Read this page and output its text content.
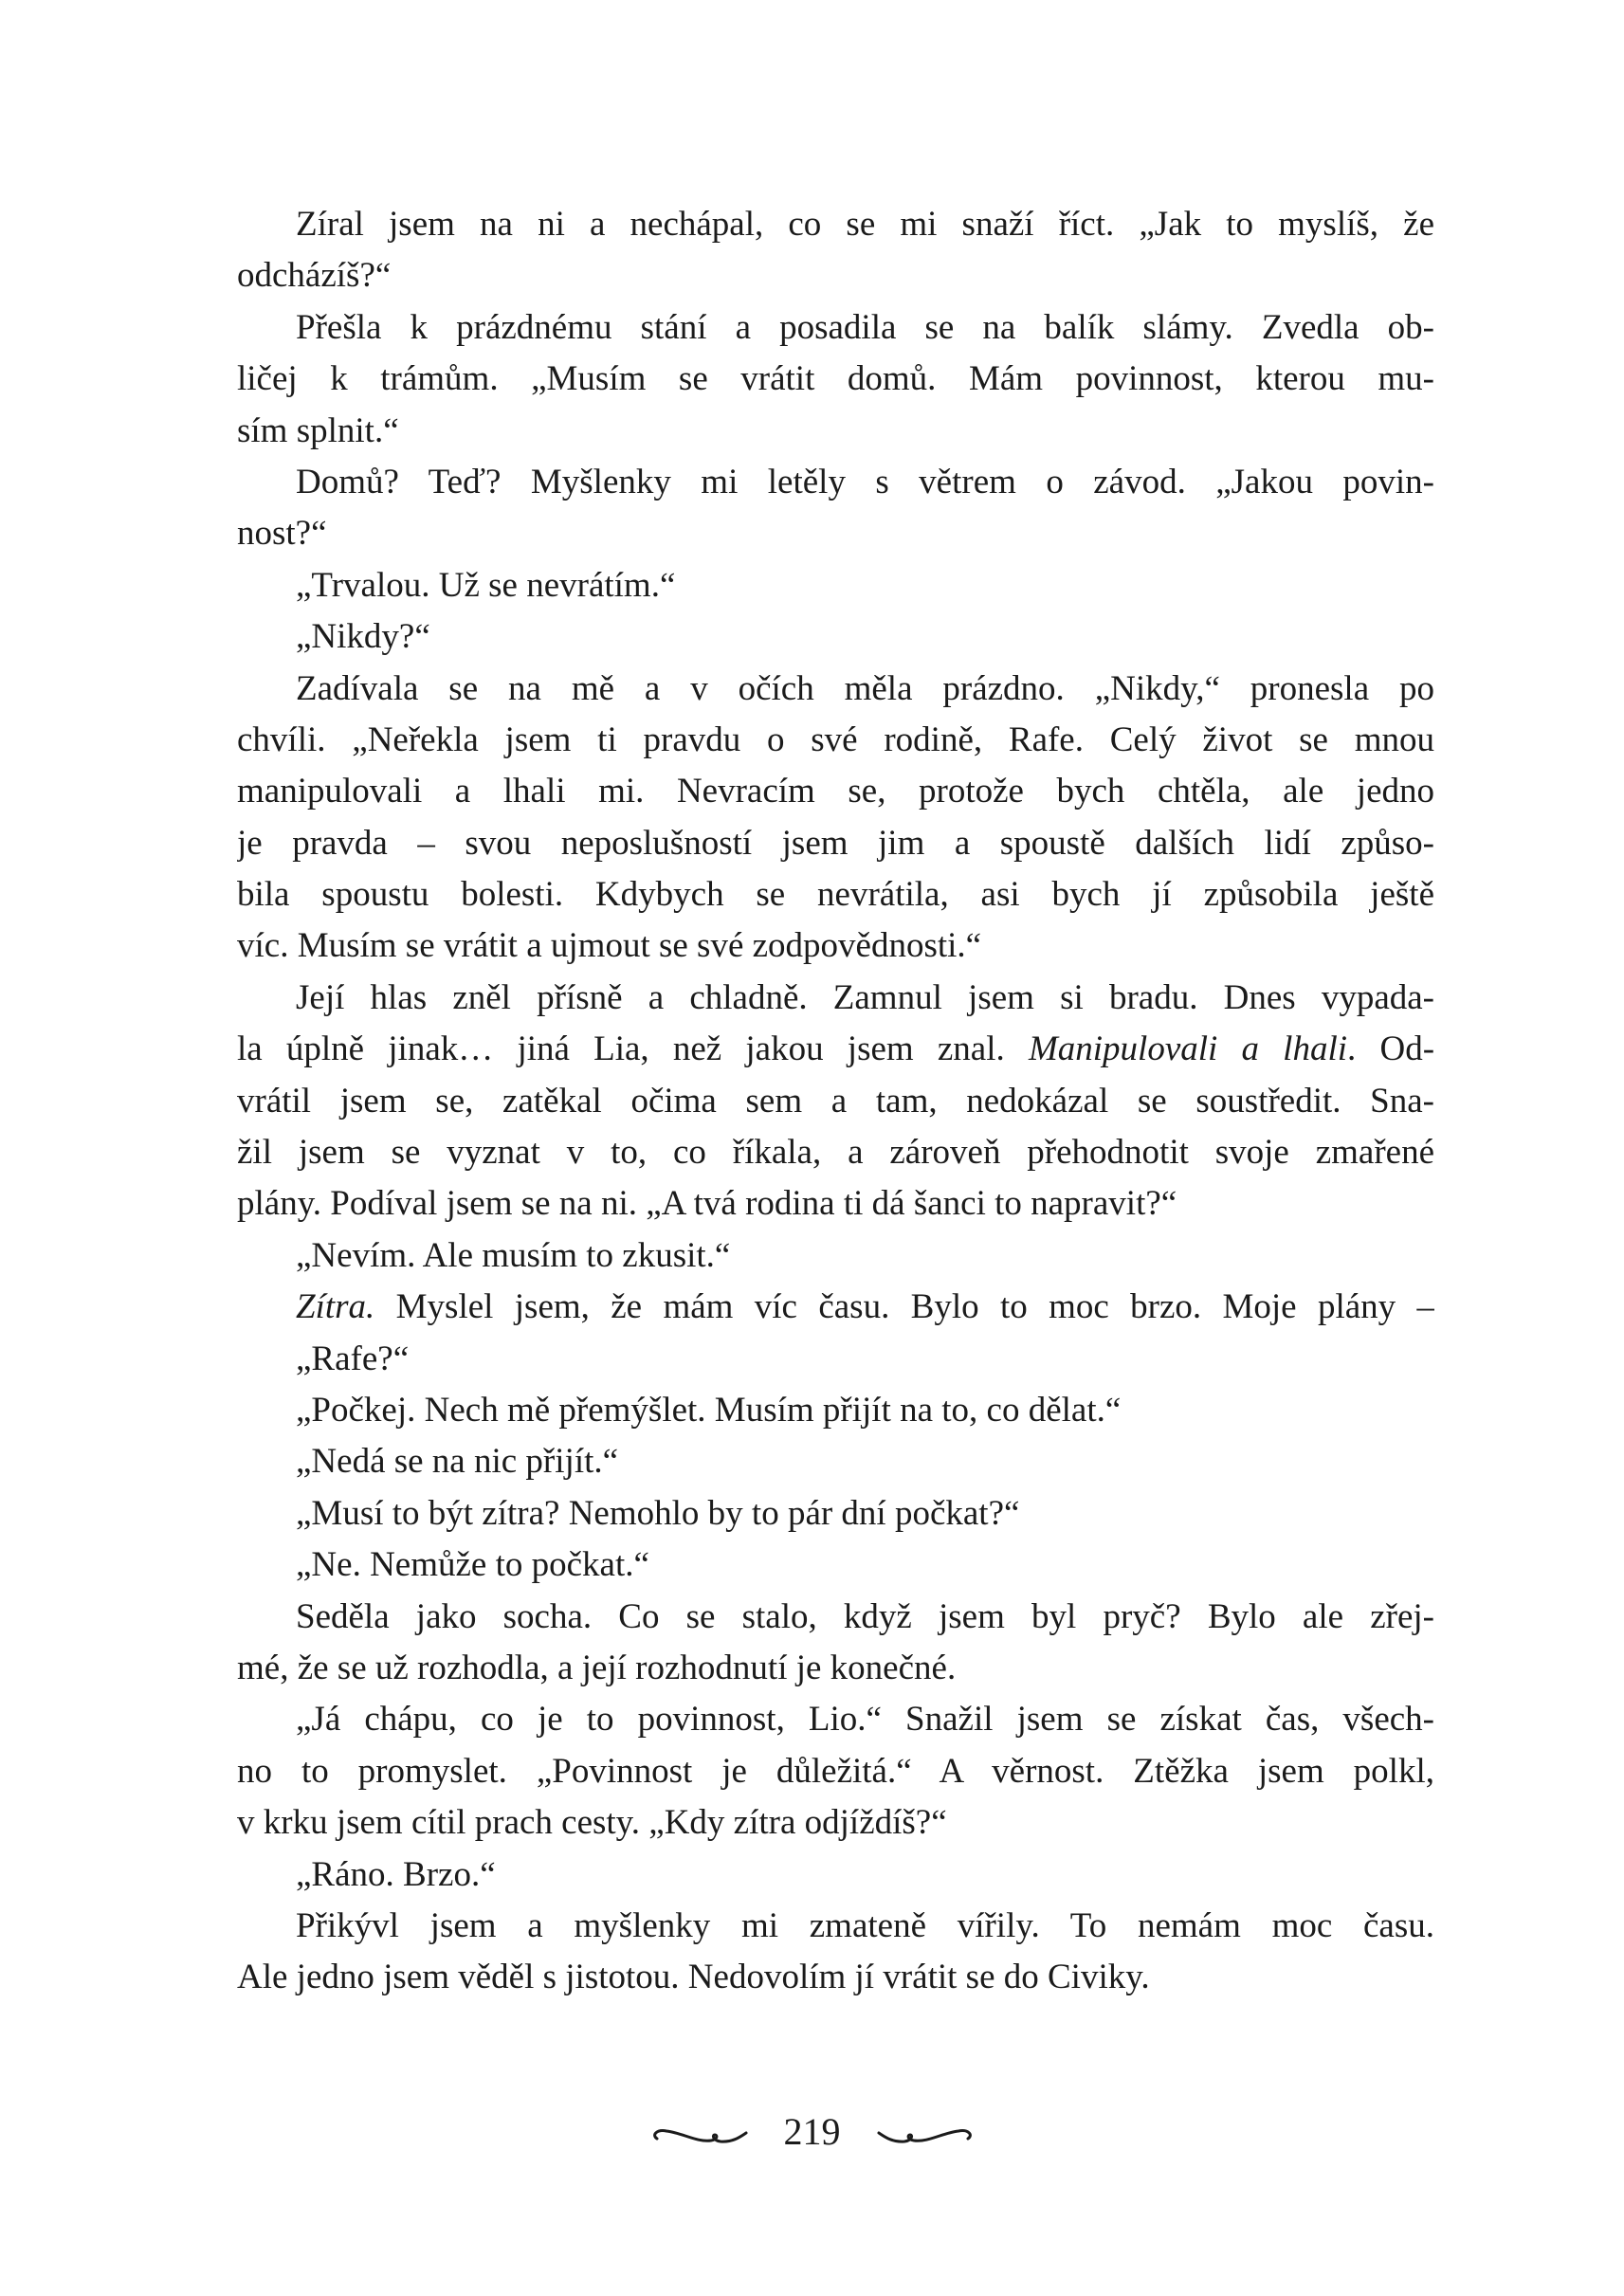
Zíral jsem na ni a nechápal, co se mi snaží říct. „Jak to myslíš, že
odcházíš?“
Přešla k prázdnému stání a posadila se na balík slámy. Zvedla ob-
ličej k trámům. „Musím se vrátit domů. Mám povinnost, kterou mu-
sím splnit.“
Domů? Teď? Myšlenky mi letěly s větrem o závod. „Jakou povin-
nost?“
„Trvalou. Už se nevrátím.“
„Nikdy?“
Zadívala se na mě a v očích měla prázdno. „Nikdy,“ pronesla po
chvíli. „Neřekla jsem ti pravdu o své rodině, Rafe. Celý život se mnou
manipulovali a lhali mi. Nevracím se, protože bych chtěla, ale jedno
je pravda – svou neposlušností jsem jim a spoustě dalších lidí způso-
bila spoustu bolesti. Kdybych se nevrátila, asi bych jí způsobila ještě
víc. Musím se vrátit a ujmout se své zodpovědnosti.“
Její hlas zněl přísně a chladně. Zamnul jsem si bradu. Dnes vypada-
la úplně jinak… jiná Lia, než jakou jsem znal. Manipulovali a lhali. Od-
vrátil jsem se, zatěkal očima sem a tam, nedokázal se soustředit. Sna-
žil jsem se vyznat v to, co říkala, a zároveň přehodnotit svoje zmařené
plány. Podíval jsem se na ni. „A tvá rodina ti dá šanci to napravit?“
„Nevím. Ale musím to zkusit.“
Zítra. Myslel jsem, že mám víc času. Bylo to moc brzo. Moje plány –
„Rafe?“
„Počkej. Nech mě přemýšlet. Musím přijít na to, co dělat.“
„Nedá se na nic přijít.“
„Musí to být zítra? Nemohlo by to pár dní počkat?“
„Ne. Nemůže to počkat.“
Seděla jako socha. Co se stalo, když jsem byl pryč? Bylo ale zřej-
mé, že se už rozhodla, a její rozhodnutí je konečné.
„Já chápu, co je to povinnost, Lio.“ Snažil jsem se získat čas, všech-
no to promyslet. „Povinnost je důležitá.“ A věrnost. Ztěžka jsem polkl,
v krku jsem cítil prach cesty. „Kdy zítra odjíždíš?“
„Ráno. Brzo.“
Přikývl jsem a myšlenky mi zmateně vířily. To nemám moc času.
Ale jedno jsem věděl s jistotou. Nedovolím jí vrátit se do Civiky.
219
